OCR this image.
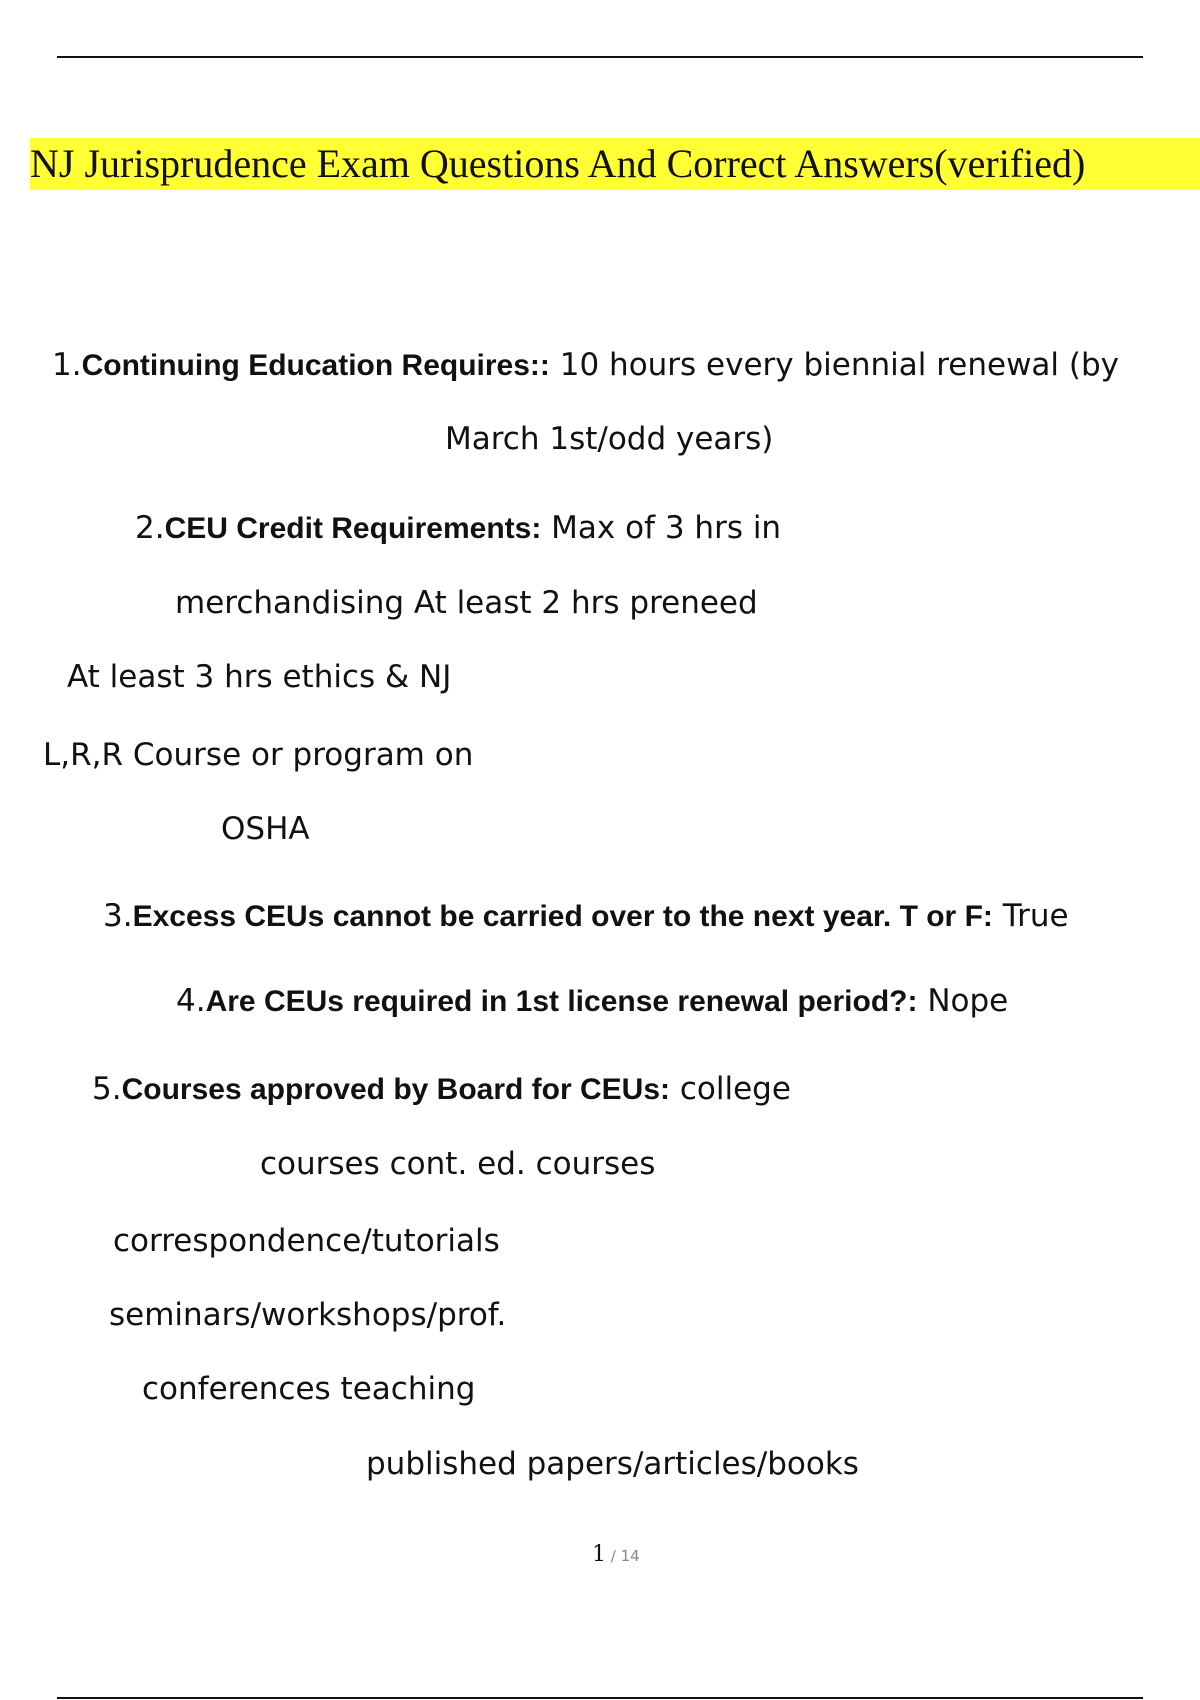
NJ Jurisprudence Exam Questions And Correct Answers(verified)
1.Continuing Education Requires:: 10 hours every biennial renewal (by
March 1st/odd years)
2.CEU Credit Requirements: Max of 3 hrs in
merchandising At least 2 hrs preneed
At least 3 hrs ethics & NJ
L,R,R Course or program on
OSHA
3.Excess CEUs cannot be carried over to the next year. T or F: True
4.Are CEUs required in 1st license renewal period?: Nope
5.Courses approved by Board for CEUs: college
courses cont. ed. courses
correspondence/tutorials
seminars/workshops/prof.
conferences teaching
published papers/articles/books
1 / 14
